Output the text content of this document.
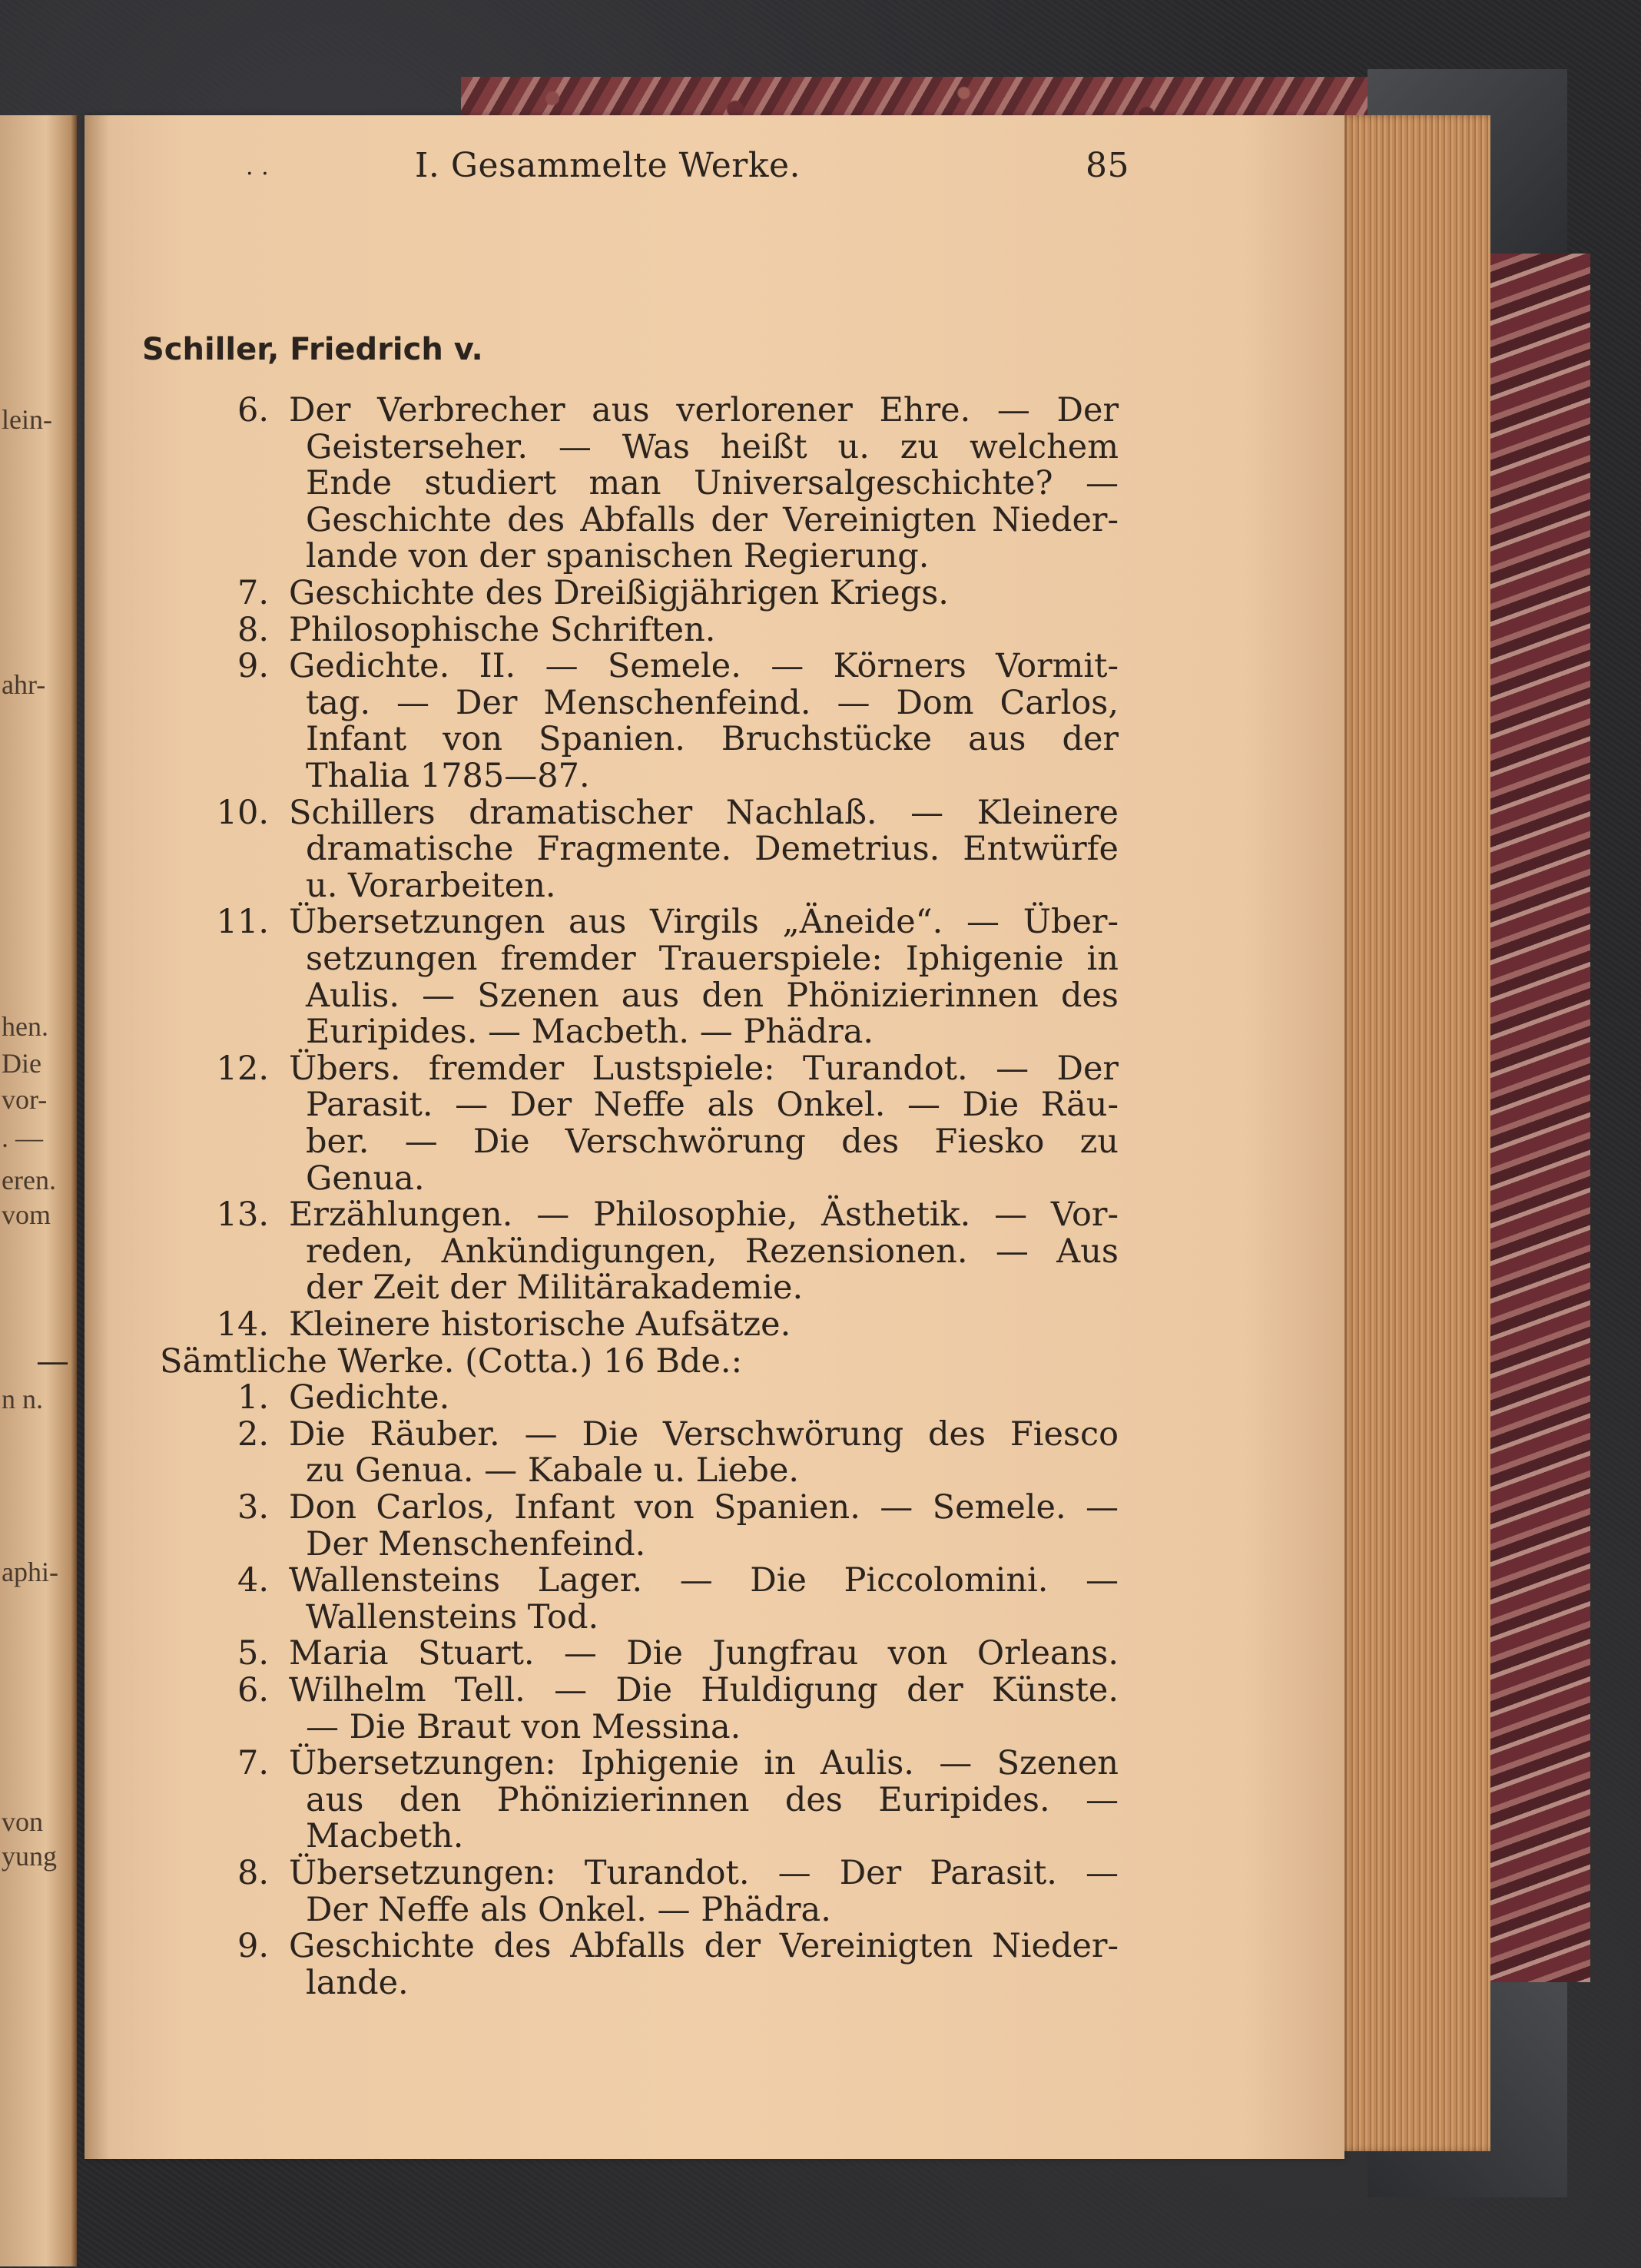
lein-
ahr-
hen.
Die
vor-
. —
eren.
vom
n n.
aphi-
von
yung
. .	I. Gesammelte Werke.	85
Schiller, Friedrich v.
6. Der Verbrecher aus verlorener Ehre. — Der
Geisterseher. — Was heißt u. zu welchem
Ende studiert man Universalgeschichte? —
Geschichte des Abfalls der Vereinigten Nieder-
lande von der spanischen Regierung.
7. Geschichte des Dreißigjährigen Kriegs.
8. Philosophische Schriften.
9. Gedichte. II. — Semele. — Körners Vormit-
tag. — Der Menschenfeind. — Dom Carlos,
Infant von Spanien. Bruchstücke aus der
Thalia 1785—87.
10. Schillers dramatischer Nachlaß. — Kleinere
dramatische Fragmente. Demetrius. Entwürfe
u. Vorarbeiten.
11. Übersetzungen aus Virgils „Äneide“. — Über-
setzungen fremder Trauerspiele: Iphigenie in
Aulis. — Szenen aus den Phönizierinnen des
Euripides. — Macbeth. — Phädra.
12. Übers. fremder Lustspiele: Turandot. — Der
Parasit. — Der Neffe als Onkel. — Die Räu-
ber. — Die Verschwörung des Fiesko zu
Genua.
13. Erzählungen. — Philosophie, Ästhetik. — Vor-
reden, Ankündigungen, Rezensionen. — Aus
der Zeit der Militärakademie.
14. Kleinere historische Aufsätze.
—	Sämtliche Werke. (Cotta.) 16 Bde.:
1. Gedichte.
2. Die Räuber. — Die Verschwörung des Fiesco
zu Genua. — Kabale u. Liebe.
3. Don Carlos, Infant von Spanien. — Semele. —
Der Menschenfeind.
4. Wallensteins Lager. — Die Piccolomini. —
Wallensteins Tod.
5. Maria Stuart. — Die Jungfrau von Orleans.
6. Wilhelm Tell. — Die Huldigung der Künste.
— Die Braut von Messina.
7. Übersetzungen: Iphigenie in Aulis. — Szenen
aus den Phönizierinnen des Euripides. —
Macbeth.
8. Übersetzungen: Turandot. — Der Parasit. —
Der Neffe als Onkel. — Phädra.
9. Geschichte des Abfalls der Vereinigten Nieder-
lande.
